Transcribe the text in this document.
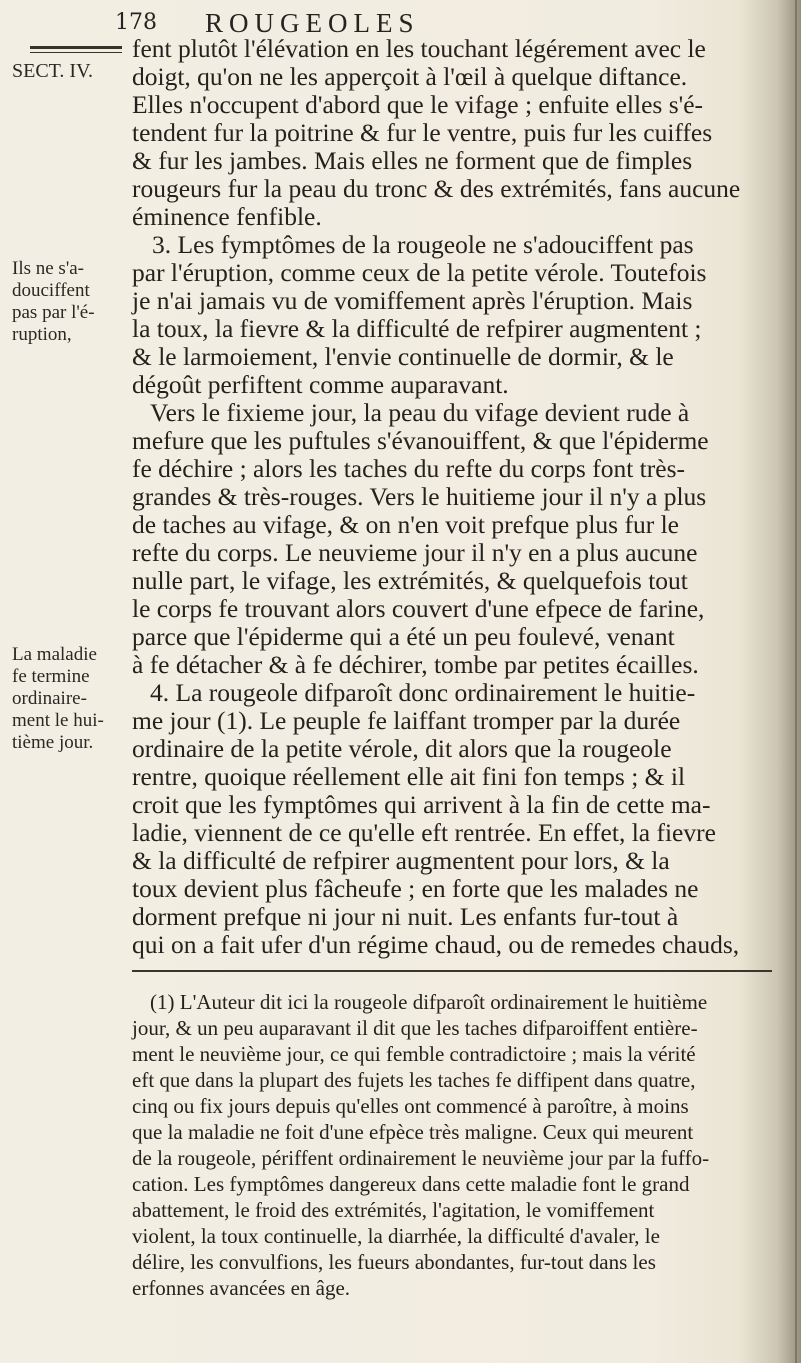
178 ROUGEOLES
SECT. IV.
Ils ne s'a-
douciffent
pas par l'é-
ruption,
La maladie
fe termine
ordinaire-
ment le hui-
tième jour.
fent plutôt l'élévation en les touchant légérement avec le
doigt, qu'on ne les apperçoit à l'œil à quelque diftance.
Elles n'occupent d'abord que le vifage ; enfuite elles s'é-
tendent fur la poitrine & fur le ventre, puis fur les cuiffes
& fur les jambes. Mais elles ne forment que de fimples
rougeurs fur la peau du tronc & des extrémités, fans aucune
éminence fenfible.
3. Les fymptômes de la rougeole ne s'adouciffent pas
par l'éruption, comme ceux de la petite vérole. Toutefois
je n'ai jamais vu de vomiffement après l'éruption. Mais
la toux, la fievre & la difficulté de refpirer augmentent ;
& le larmoiement, l'envie continuelle de dormir, & le
dégoût perfiftent comme auparavant.
Vers le fixieme jour, la peau du vifage devient rude à
mefure que les puftules s'évanouiffent, & que l'épiderme
fe déchire ; alors les taches du refte du corps font très-
grandes & très-rouges. Vers le huitieme jour il n'y a plus
de taches au vifage, & on n'en voit prefque plus fur le
refte du corps. Le neuvieme jour il n'y en a plus aucune
nulle part, le vifage, les extrémités, & quelquefois tout
le corps fe trouvant alors couvert d'une efpece de farine,
parce que l'épiderme qui a été un peu foulevé, venant
à fe détacher & à fe déchirer, tombe par petites écailles.
4. La rougeole difparoît donc ordinairement le huitie-
me jour (1). Le peuple fe laiffant tromper par la durée
ordinaire de la petite vérole, dit alors que la rougeole
rentre, quoique réellement elle ait fini fon temps ; & il
croit que les fymptômes qui arrivent à la fin de cette ma-
ladie, viennent de ce qu'elle eft rentrée. En effet, la fievre
& la difficulté de refpirer augmentent pour lors, & la
toux devient plus fâcheufe ; en forte que les malades ne
dorment prefque ni jour ni nuit. Les enfants fur-tout à
qui on a fait ufer d'un régime chaud, ou de remedes chauds,
(1) L'Auteur dit ici la rougeole difparoît ordinairement le huitième
jour, & un peu auparavant il dit que les taches difparoiffent entière-
ment le neuvième jour, ce qui femble contradictoire ; mais la vérité
eft que dans la plupart des fujets les taches fe diffipent dans quatre,
cinq ou fix jours depuis qu'elles ont commencé à paroître, à moins
que la maladie ne foit d'une efpèce très maligne. Ceux qui meurent
de la rougeole, périffent ordinairement le neuvième jour par la fuffo-
cation. Les fymptômes dangereux dans cette maladie font le grand
abattement, le froid des extrémités, l'agitation, le vomiffement
violent, la toux continuelle, la diarrhée, la difficulté d'avaler, le
délire, les convulfions, les fueurs abondantes, fur-tout dans les
erfonnes avancées en âge.
